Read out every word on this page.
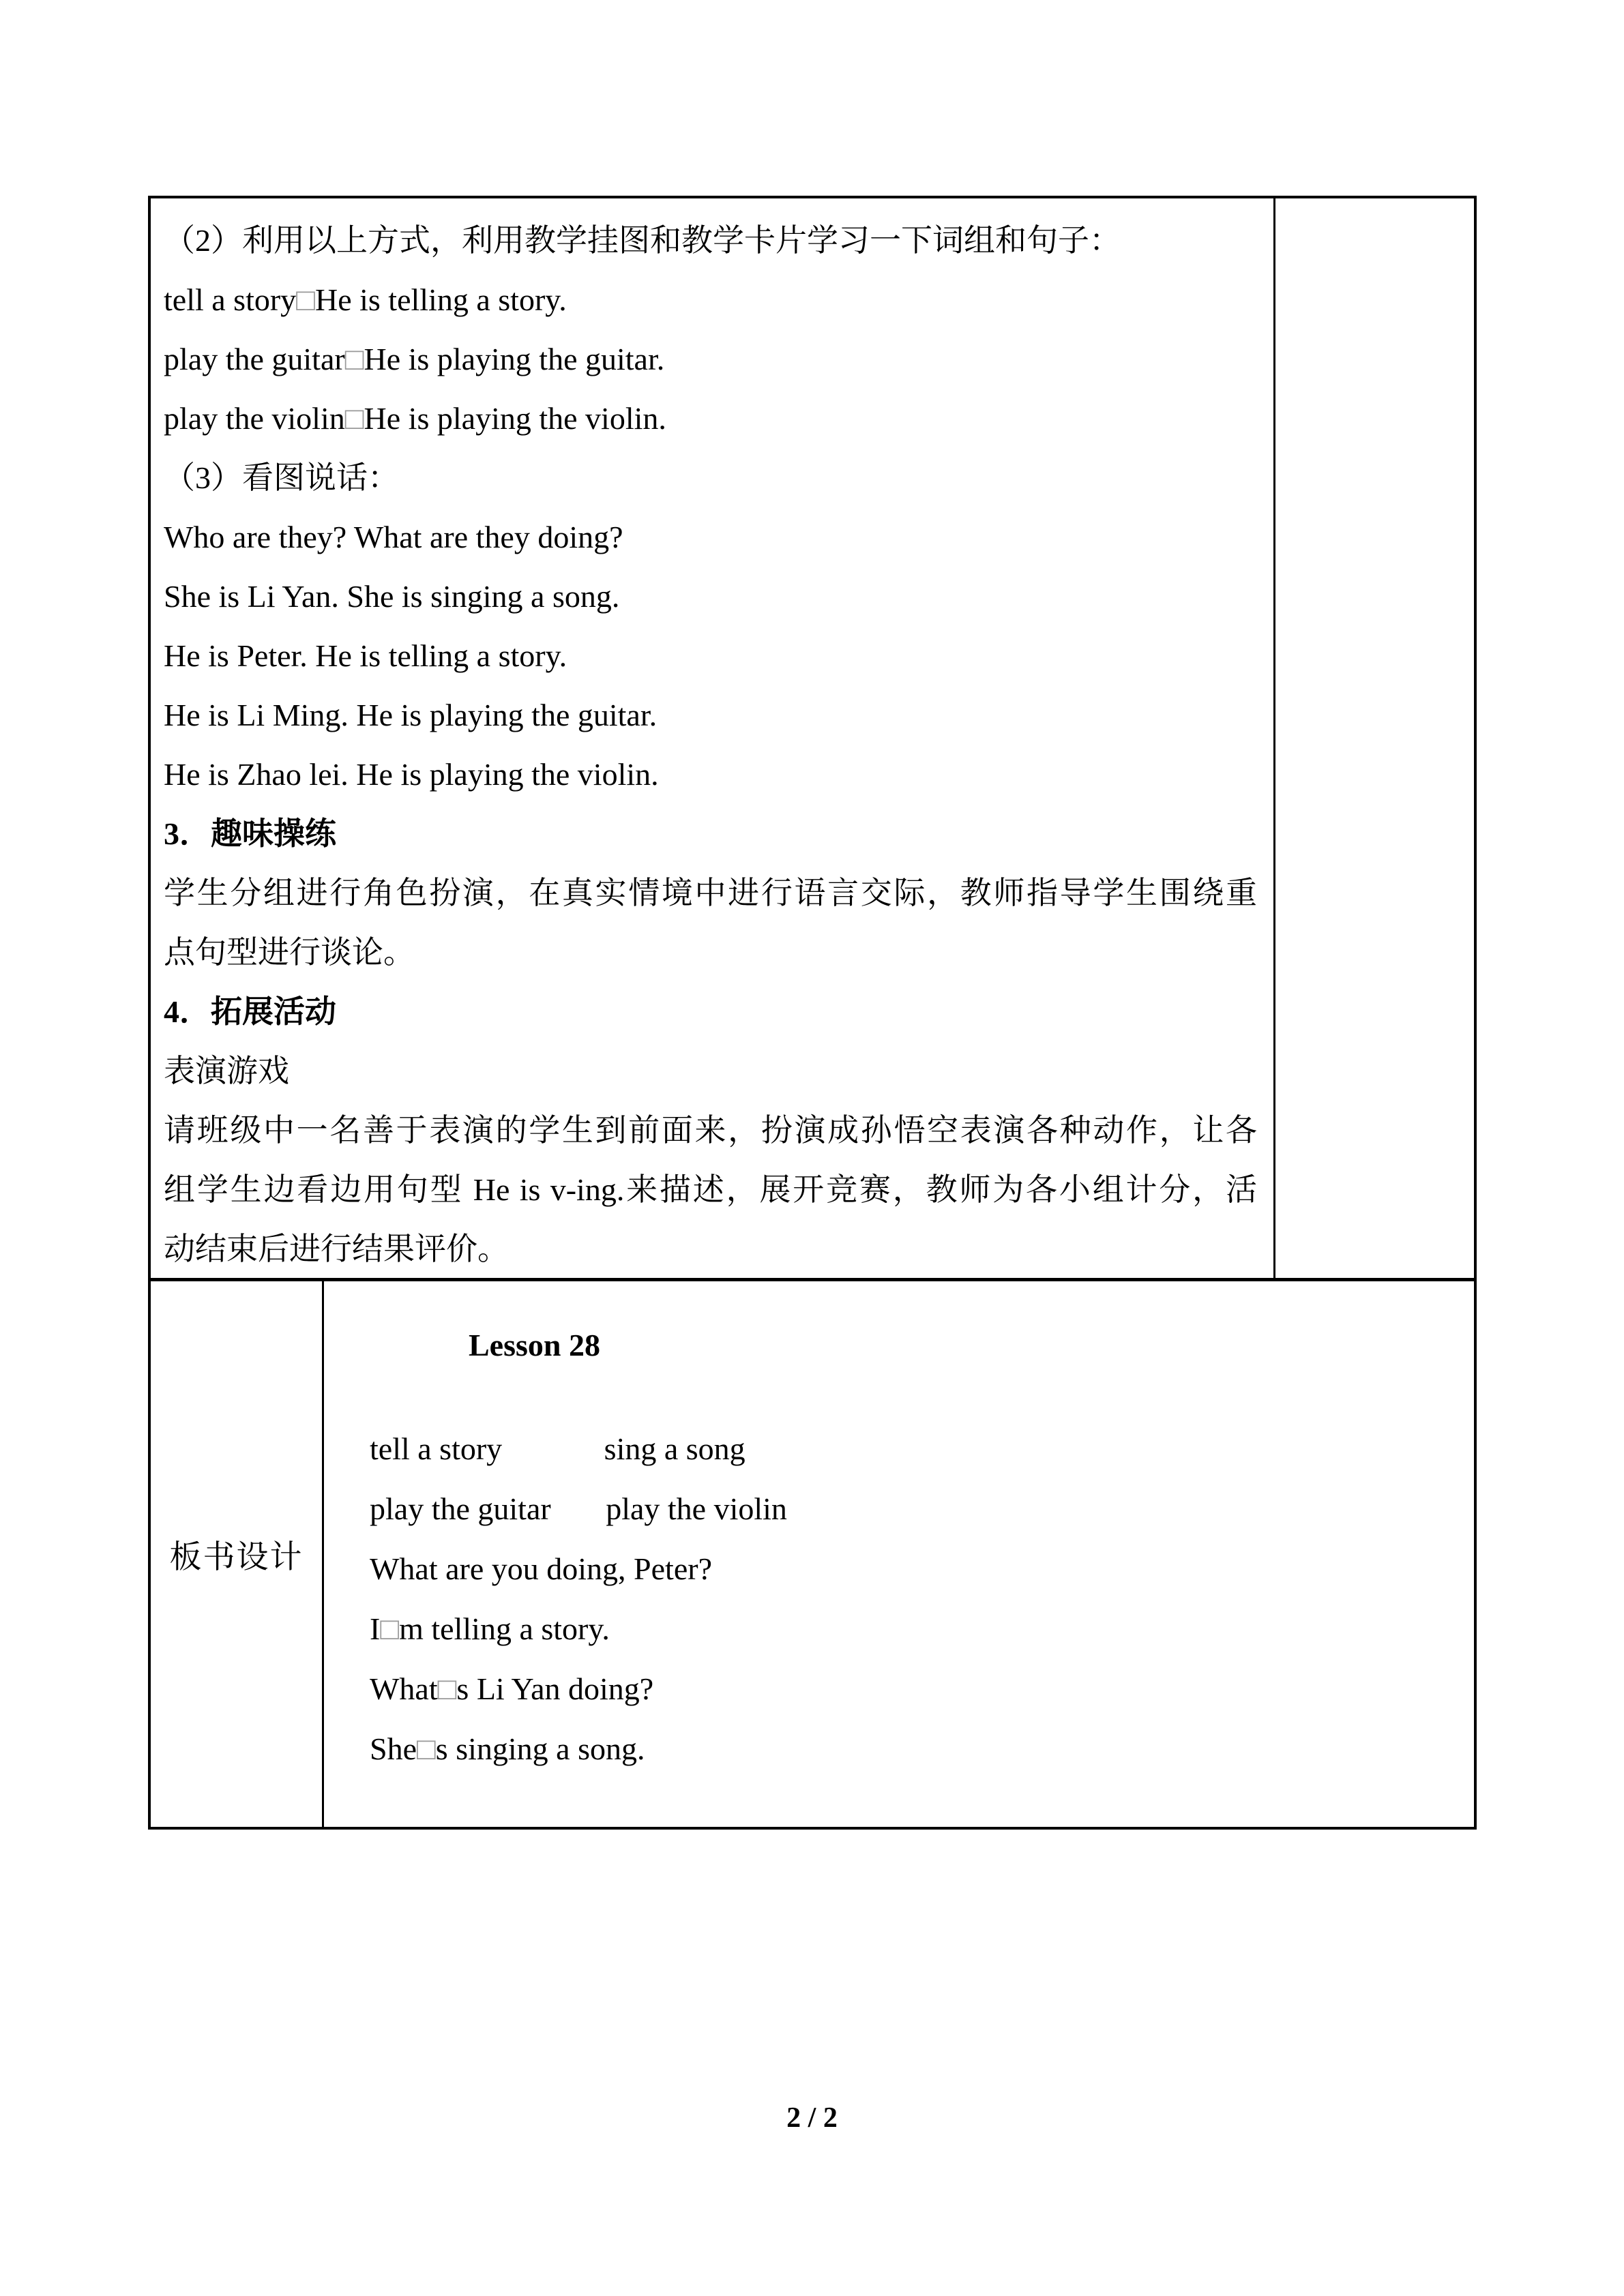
（2）利用以上方式，利用教学挂图和教学卡片学习一下词组和句子：
tell a story□He is telling a story.
play the guitar□He is playing the guitar.
play the violin□He is playing the violin.
（3）看图说话：
Who are they? What are they doing?
She is Li Yan. She is singing a song.
He is Peter. He is telling a story.
He is Li Ming. He is playing the guitar.
He is Zhao lei. He is playing the violin.
3．趣味操练
学生分组进行角色扮演，在真实情境中进行语言交际，教师指导学生围绕重
点句型进行谈论。
4．拓展活动
表演游戏
请班级中一名善于表演的学生到前面来，扮演成孙悟空表演各种动作，让各
组学生边看边用句型 He is v-ing.来描述，展开竞赛，教师为各小组计分，活
动结束后进行结果评价。
板书设计
Lesson 28
tell a story             sing a song
play the guitar       play the violin
What are you doing, Peter?
I□m telling a story.
What□s Li Yan doing?
She□s singing a song.
2 / 2
